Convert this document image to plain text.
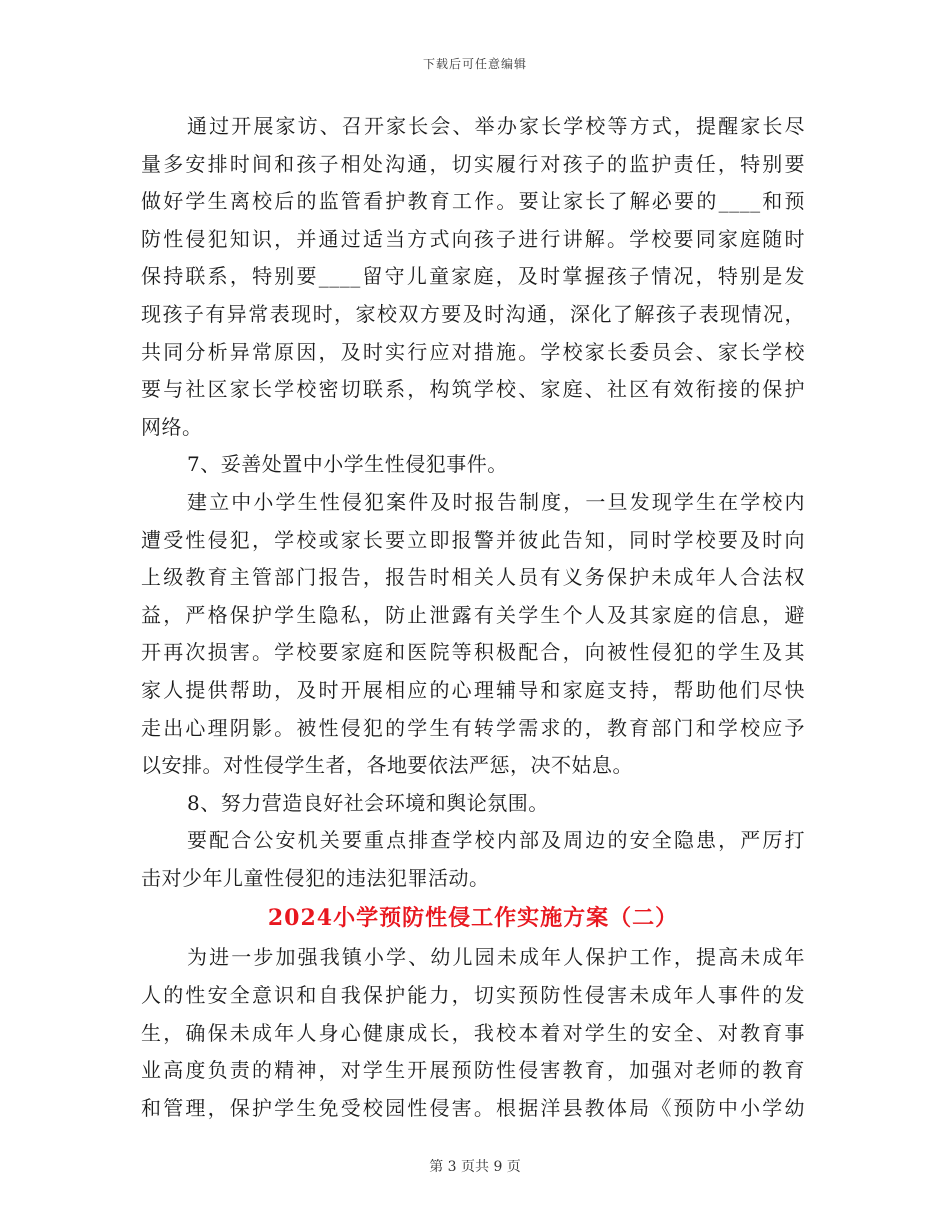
下载后可任意编辑
通过开展家访、召开家长会、举办家长学校等方式，提醒家长尽
量多安排时间和孩子相处沟通，切实履行对孩子的监护责任，特别要
做好学生离校后的监管看护教育工作。要让家长了解必要的____和预
防性侵犯知识，并通过适当方式向孩子进行讲解。学校要同家庭随时
保持联系，特别要____留守儿童家庭，及时掌握孩子情况，特别是发
现孩子有异常表现时，家校双方要及时沟通，深化了解孩子表现情况，
共同分析异常原因，及时实行应对措施。学校家长委员会、家长学校
要与社区家长学校密切联系，构筑学校、家庭、社区有效衔接的保护
网络。
7、妥善处置中小学生性侵犯事件。
建立中小学生性侵犯案件及时报告制度，一旦发现学生在学校内
遭受性侵犯，学校或家长要立即报警并彼此告知，同时学校要及时向
上级教育主管部门报告，报告时相关人员有义务保护未成年人合法权
益，严格保护学生隐私，防止泄露有关学生个人及其家庭的信息，避
开再次损害。学校要家庭和医院等积极配合，向被性侵犯的学生及其
家人提供帮助，及时开展相应的心理辅导和家庭支持，帮助他们尽快
走出心理阴影。被性侵犯的学生有转学需求的，教育部门和学校应予
以安排。对性侵学生者，各地要依法严惩，决不姑息。
8、努力营造良好社会环境和舆论氛围。
要配合公安机关要重点排查学校内部及周边的安全隐患，严厉打
击对少年儿童性侵犯的违法犯罪活动。
2024小学预防性侵工作实施方案（二）
为进一步加强我镇小学、幼儿园未成年人保护工作，提高未成年
人的性安全意识和自我保护能力，切实预防性侵害未成年人事件的发
生，确保未成年人身心健康成长，我校本着对学生的安全、对教育事
业高度负责的精神，对学生开展预防性侵害教育，加强对老师的教育
和管理，保护学生免受校园性侵害。根据洋县教体局《预防中小学幼
第 3 页共 9 页
